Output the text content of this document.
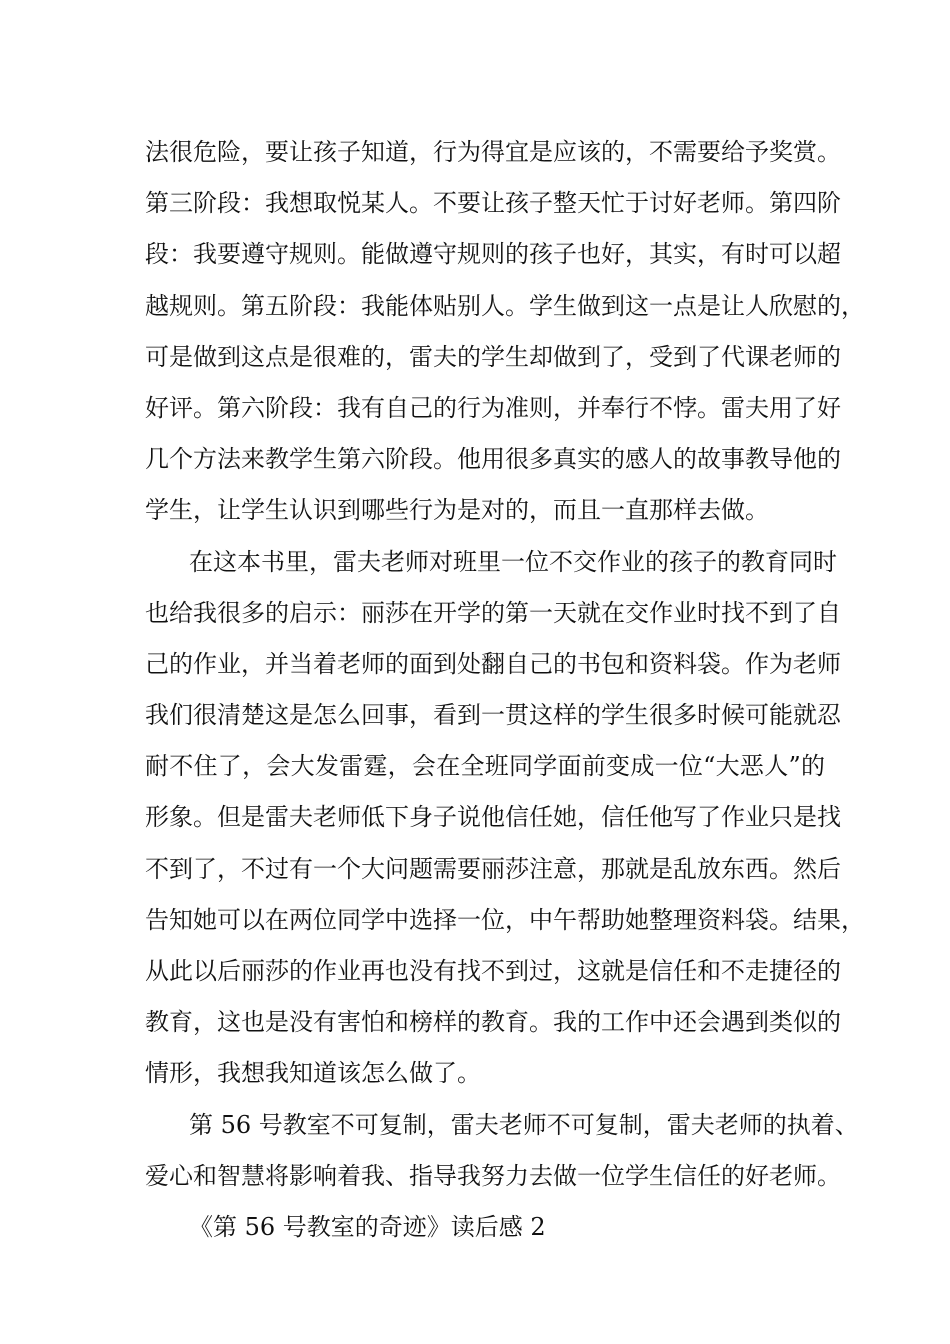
法很危险，要让孩子知道，行为得宜是应该的，不需要给予奖赏。
第三阶段：我想取悦某人。不要让孩子整天忙于讨好老师。第四阶
段：我要遵守规则。能做遵守规则的孩子也好，其实，有时可以超
越规则。第五阶段：我能体贴别人。学生做到这一点是让人欣慰的，
可是做到这点是很难的，雷夫的学生却做到了，受到了代课老师的
好评。第六阶段：我有自己的行为准则，并奉行不悖。雷夫用了好
几个方法来教学生第六阶段。他用很多真实的感人的故事教导他的
学生，让学生认识到哪些行为是对的，而且一直那样去做。
在这本书里，雷夫老师对班里一位不交作业的孩子的教育同时
也给我很多的启示：丽莎在开学的第一天就在交作业时找不到了自
己的作业，并当着老师的面到处翻自己的书包和资料袋。作为老师
我们很清楚这是怎么回事，看到一贯这样的学生很多时候可能就忍
耐不住了，会大发雷霆，会在全班同学面前变成一位“大恶人”的
形象。但是雷夫老师低下身子说他信任她，信任他写了作业只是找
不到了，不过有一个大问题需要丽莎注意，那就是乱放东西。然后
告知她可以在两位同学中选择一位，中午帮助她整理资料袋。结果，
从此以后丽莎的作业再也没有找不到过，这就是信任和不走捷径的
教育，这也是没有害怕和榜样的教育。我的工作中还会遇到类似的
情形，我想我知道该怎么做了。
第 56 号教室不可复制，雷夫老师不可复制，雷夫老师的执着、
爱心和智慧将影响着我、指导我努力去做一位学生信任的好老师。
《第 56 号教室的奇迹》读后感 2
